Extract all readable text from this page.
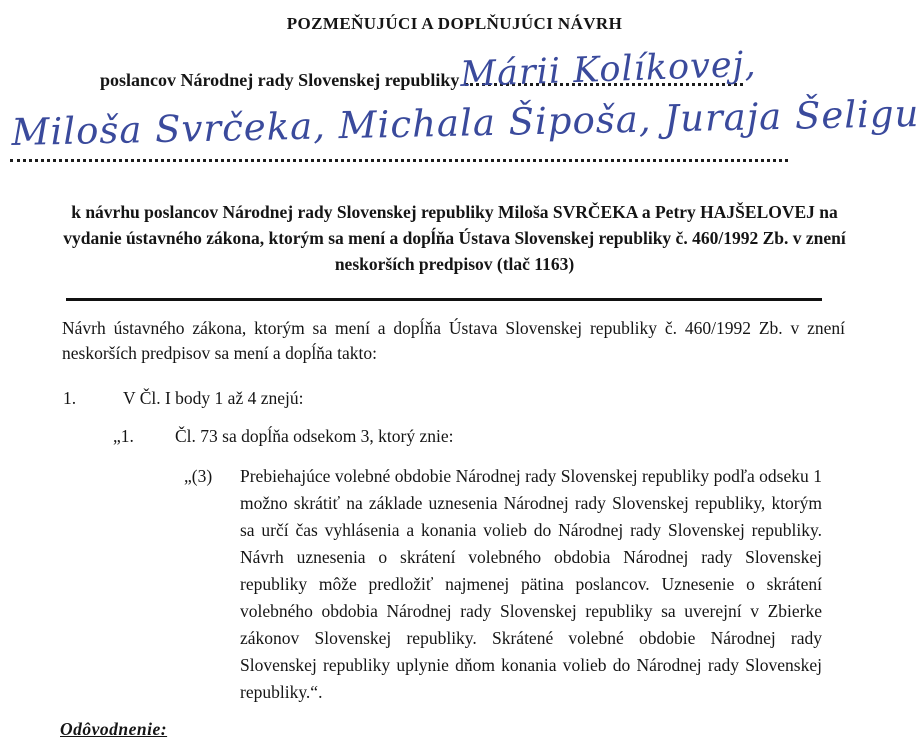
POZMEŇUJÚCI A DOPLŇUJÚCI NÁVRH
poslancov Národnej rady Slovenskej republiky Márii Kolíkovej,
Miloša Svrčeka, Michala Šipoša, Juraja Šeligu
k návrhu poslancov Národnej rady Slovenskej republiky Miloša SVRČEKA a Petry HAJŠELOVEJ na vydanie ústavného zákona, ktorým sa mení a dopĺňa Ústava Slovenskej republiky č. 460/1992 Zb. v znení neskorších predpisov (tlač 1163)

Návrh ústavného zákona, ktorým sa mení a dopĺňa Ústava Slovenskej republiky č. 460/1992 Zb. v znení neskorších predpisov sa mení a dopĺňa takto:

1.	V Čl. I body 1 až 4 znejú:
„1.	Čl. 73 sa dopĺňa odsekom 3, ktorý znie:
„(3)	Prebiehajúce volebné obdobie Národnej rady Slovenskej republiky podľa odseku 1 možno skrátiť na základe uznesenia Národnej rady Slovenskej republiky, ktorým sa určí čas vyhlásenia a konania volieb do Národnej rady Slovenskej republiky. Návrh uznesenia o skrátení volebného obdobia Národnej rady Slovenskej republiky môže predložiť najmenej pätina poslancov. Uznesenie o skrátení volebného obdobia Národnej rady Slovenskej republiky sa uverejní v Zbierke zákonov Slovenskej republiky. Skrátené volebné obdobie Národnej rady Slovenskej republiky uplynie dňom konania volieb do Národnej rady Slovenskej republiky.“.
Odôvodnenie:
